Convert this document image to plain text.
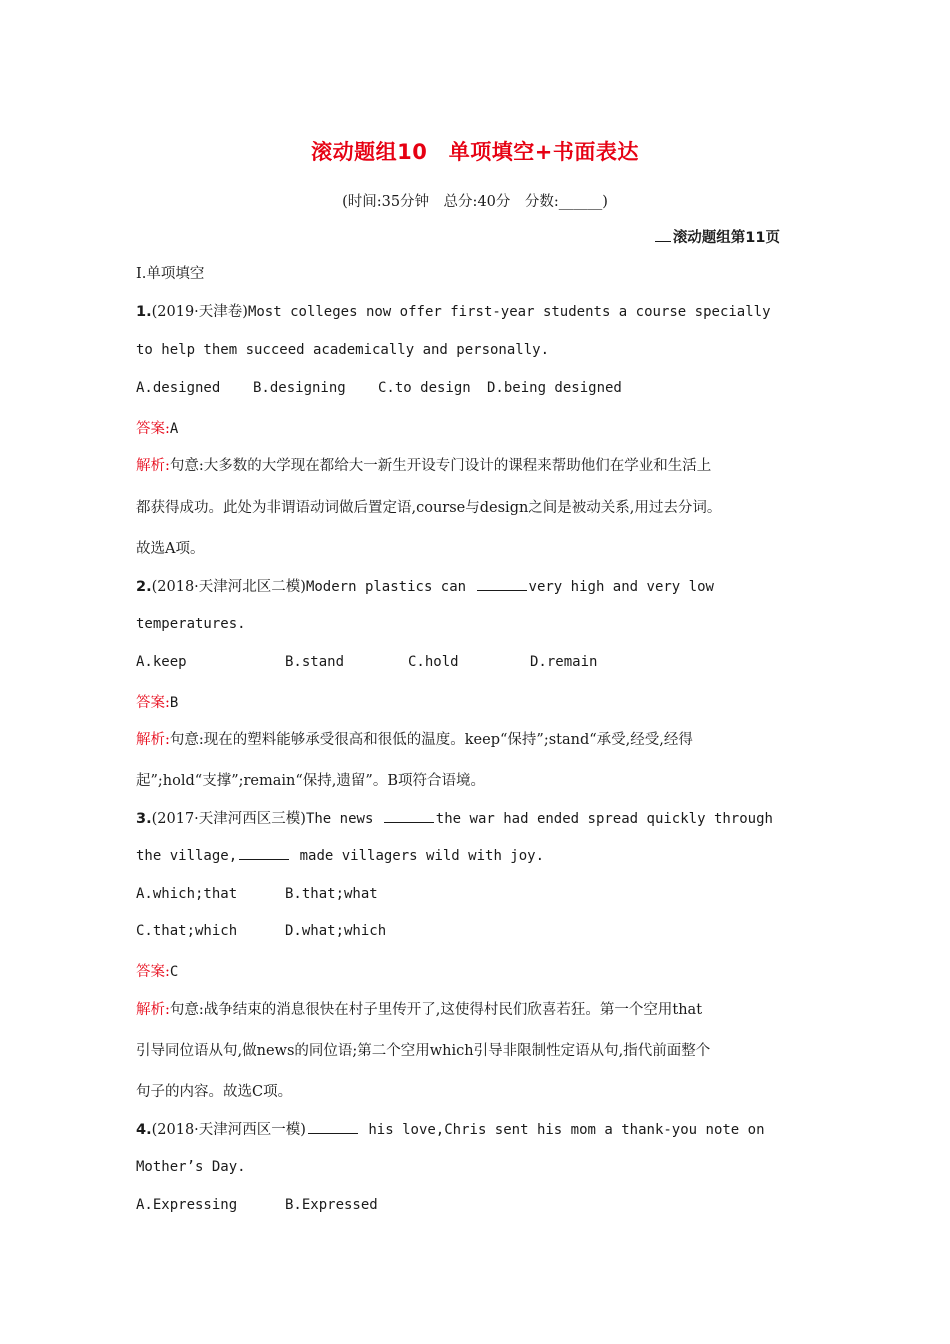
滚动题组10　单项填空+书面表达
(时间:35分钟　总分:40分　分数:______)
滚动题组第11页
Ⅰ.单项填空
1.(2019·天津卷)Most colleges now offer first-year students a course specially
to help them succeed academically and personally.
A.designed B.designing C.to design D.being designed
答案:A
解析:句意:大多数的大学现在都给大一新生开设专门设计的课程来帮助他们在学业和生活上
都获得成功。此处为非谓语动词做后置定语,course与design之间是被动关系,用过去分词。
故选A项。
2.(2018·天津河北区二模)Modern plastics can	very high and very low
temperatures.
A.keep	B.stand	C.hold	D.remain
答案:B
解析:句意:现在的塑料能够承受很高和很低的温度。keep“保持”;stand“承受,经受,经得
起”;hold“支撑”;remain“保持,遗留”。B项符合语境。
3.(2017·天津河西区三模)The news	the war had ended spread quickly through
the village,	made villagers wild with joy.
A.which;that	B.that;what
C.that;which	D.what;which
答案:C
解析:句意:战争结束的消息很快在村子里传开了,这使得村民们欣喜若狂。第一个空用that
引导同位语从句,做news的同位语;第二个空用which引导非限制性定语从句,指代前面整个
句子的内容。故选C项。
4.(2018·天津河西区一模)	his love,Chris sent his mom a thank-you note on
Mother’s Day.
A.Expressing	B.Expressed
